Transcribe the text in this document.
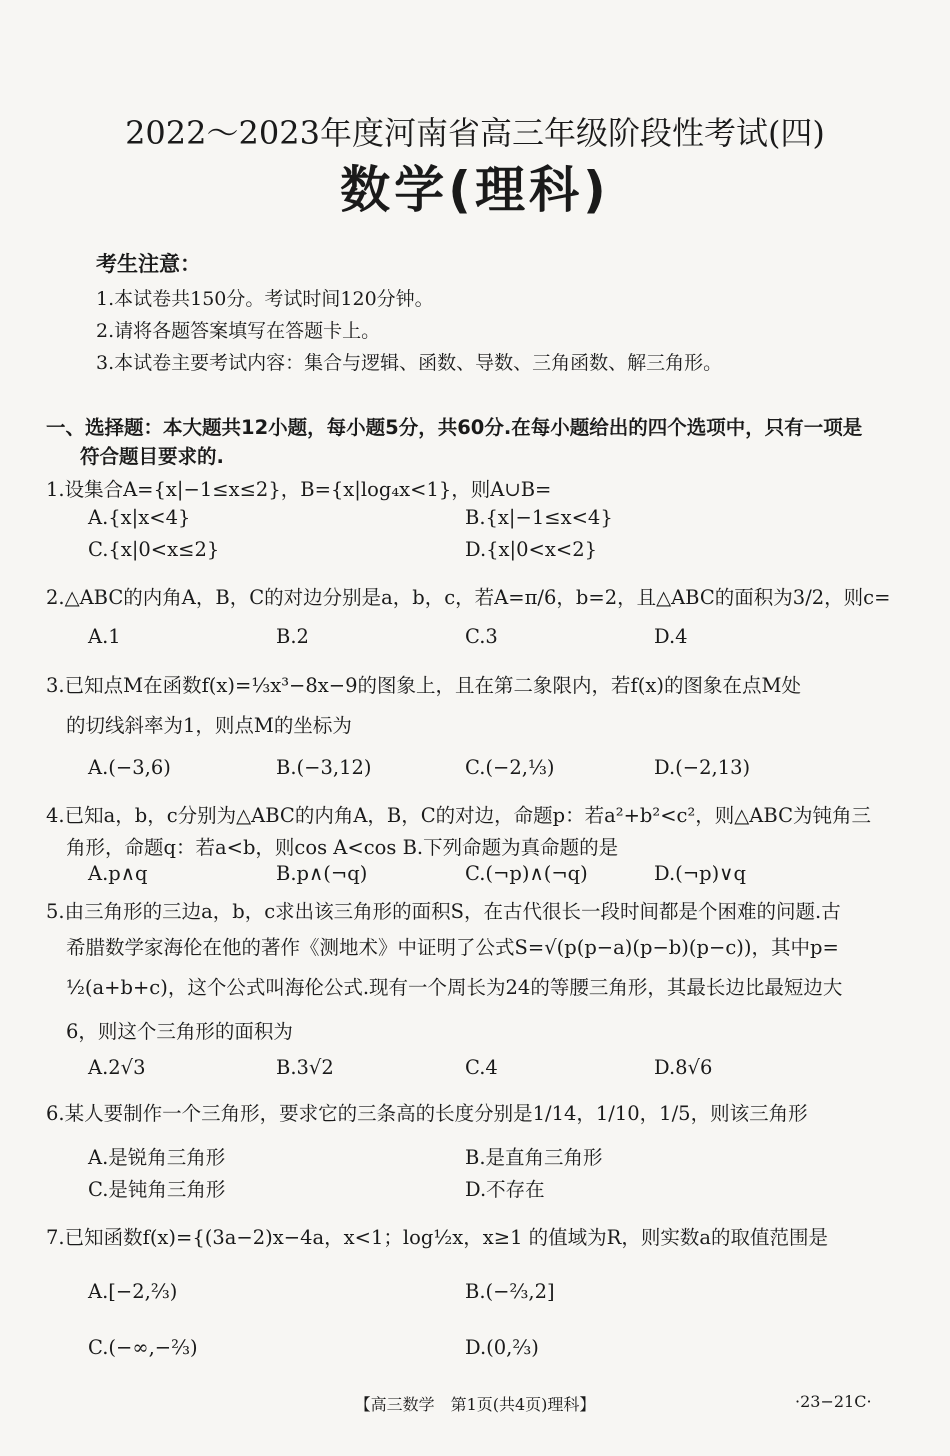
2022～2023年度河南省高三年级阶段性考试(四)
数学(理科)
考生注意：
1.本试卷共150分。考试时间120分钟。
2.请将各题答案填写在答题卡上。
3.本试卷主要考试内容：集合与逻辑、函数、导数、三角函数、解三角形。
一、选择题：本大题共12小题，每小题5分，共60分.在每小题给出的四个选项中，只有一项是
符合题目要求的.
1.设集合A={x|−1≤x≤2}，B={x|log₄x<1}，则A∪B=
A.{x|x<4}	B.{x|−1≤x<4}
C.{x|0<x≤2}	D.{x|0<x<2}
2.△ABC的内角A，B，C的对边分别是a，b，c，若A=π/6，b=2，且△ABC的面积为3/2，则c=
A.1	B.2	C.3	D.4
3.已知点M在函数f(x)=⅓x³−8x−9的图象上，且在第二象限内，若f(x)的图象在点M处
的切线斜率为1，则点M的坐标为
A.(−3,6)	B.(−3,12)	C.(−2,⅓)	D.(−2,13)
4.已知a，b，c分别为△ABC的内角A，B，C的对边，命题p：若a²+b²<c²，则△ABC为钝角三
角形，命题q：若a<b，则cos A<cos B.下列命题为真命题的是
A.p∧q	B.p∧(¬q)	C.(¬p)∧(¬q)	D.(¬p)∨q
5.由三角形的三边a，b，c求出该三角形的面积S，在古代很长一段时间都是个困难的问题.古
希腊数学家海伦在他的著作《测地术》中证明了公式S=√(p(p−a)(p−b)(p−c))，其中p=
½(a+b+c)，这个公式叫海伦公式.现有一个周长为24的等腰三角形，其最长边比最短边大
6，则这个三角形的面积为
A.2√3	B.3√2	C.4	D.8√6
6.某人要制作一个三角形，要求它的三条高的长度分别是1/14，1/10，1/5，则该三角形
A.是锐角三角形	B.是直角三角形
C.是钝角三角形	D.不存在
7.已知函数f(x)={(3a−2)x−4a，x<1；log½x，x≥1 的值域为R，则实数a的取值范围是
A.[−2,⅔)	B.(−⅔,2]
C.(−∞,−⅔)	D.(0,⅔)
【高三数学　第1页(共4页)理科】	·23−21C·
